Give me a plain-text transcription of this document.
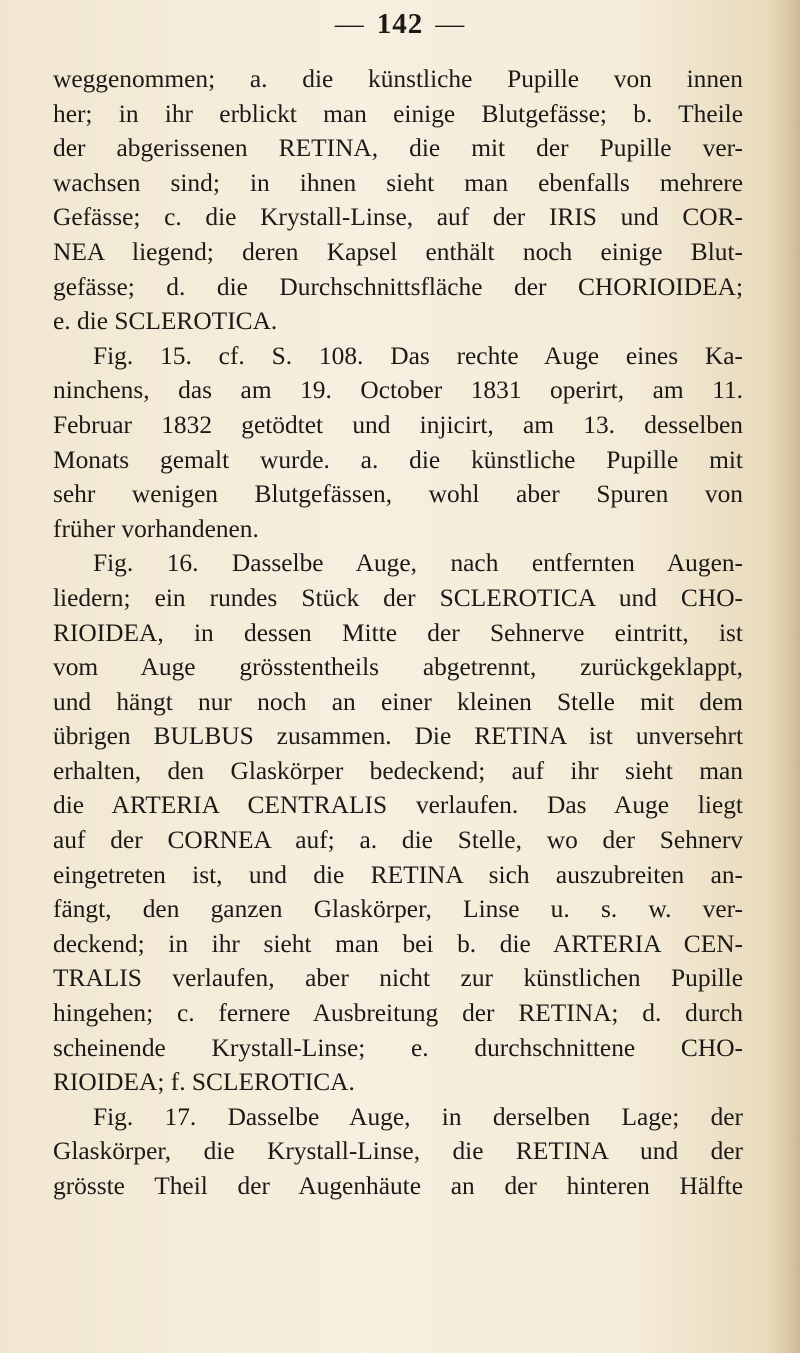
— 142 —
weggenommen; a. die künstliche Pupille von innen
her; in ihr erblickt man einige Blutgefässe; b. Theile
der abgerissenen RETINA, die mit der Pupille ver-
wachsen sind; in ihnen sieht man ebenfalls mehrere
Gefässe; c. die Krystall-Linse, auf der IRIS und COR-
NEA liegend; deren Kapsel enthält noch einige Blut-
gefässe; d. die Durchschnittsfläche der CHORIOIDEA;
e. die SCLEROTICA.
Fig. 15. cf. S. 108. Das rechte Auge eines Ka-
ninchens, das am 19. October 1831 operirt, am 11.
Februar 1832 getödtet und injicirt, am 13. desselben
Monats gemalt wurde. a. die künstliche Pupille mit
sehr wenigen Blutgefässen, wohl aber Spuren von
früher vorhandenen.
Fig. 16. Dasselbe Auge, nach entfernten Augen-
liedern; ein rundes Stück der SCLEROTICA und CHO-
RIOIDEA, in dessen Mitte der Sehnerve eintritt, ist
vom Auge grösstentheils abgetrennt, zurückgeklappt,
und hängt nur noch an einer kleinen Stelle mit dem
übrigen BULBUS zusammen. Die RETINA ist unversehrt
erhalten, den Glaskörper bedeckend; auf ihr sieht man
die ARTERIA CENTRALIS verlaufen. Das Auge liegt
auf der CORNEA auf; a. die Stelle, wo der Sehnerv
eingetreten ist, und die RETINA sich auszubreiten an-
fängt, den ganzen Glaskörper, Linse u. s. w. ver-
deckend; in ihr sieht man bei b. die ARTERIA CEN-
TRALIS verlaufen, aber nicht zur künstlichen Pupille
hingehen; c. fernere Ausbreitung der RETINA; d. durch
scheinende Krystall-Linse; e. durchschnittene CHO-
RIOIDEA; f. SCLEROTICA.
Fig. 17. Dasselbe Auge, in derselben Lage; der
Glaskörper, die Krystall-Linse, die RETINA und der
grösste Theil der Augenhäute an der hinteren Hälfte
